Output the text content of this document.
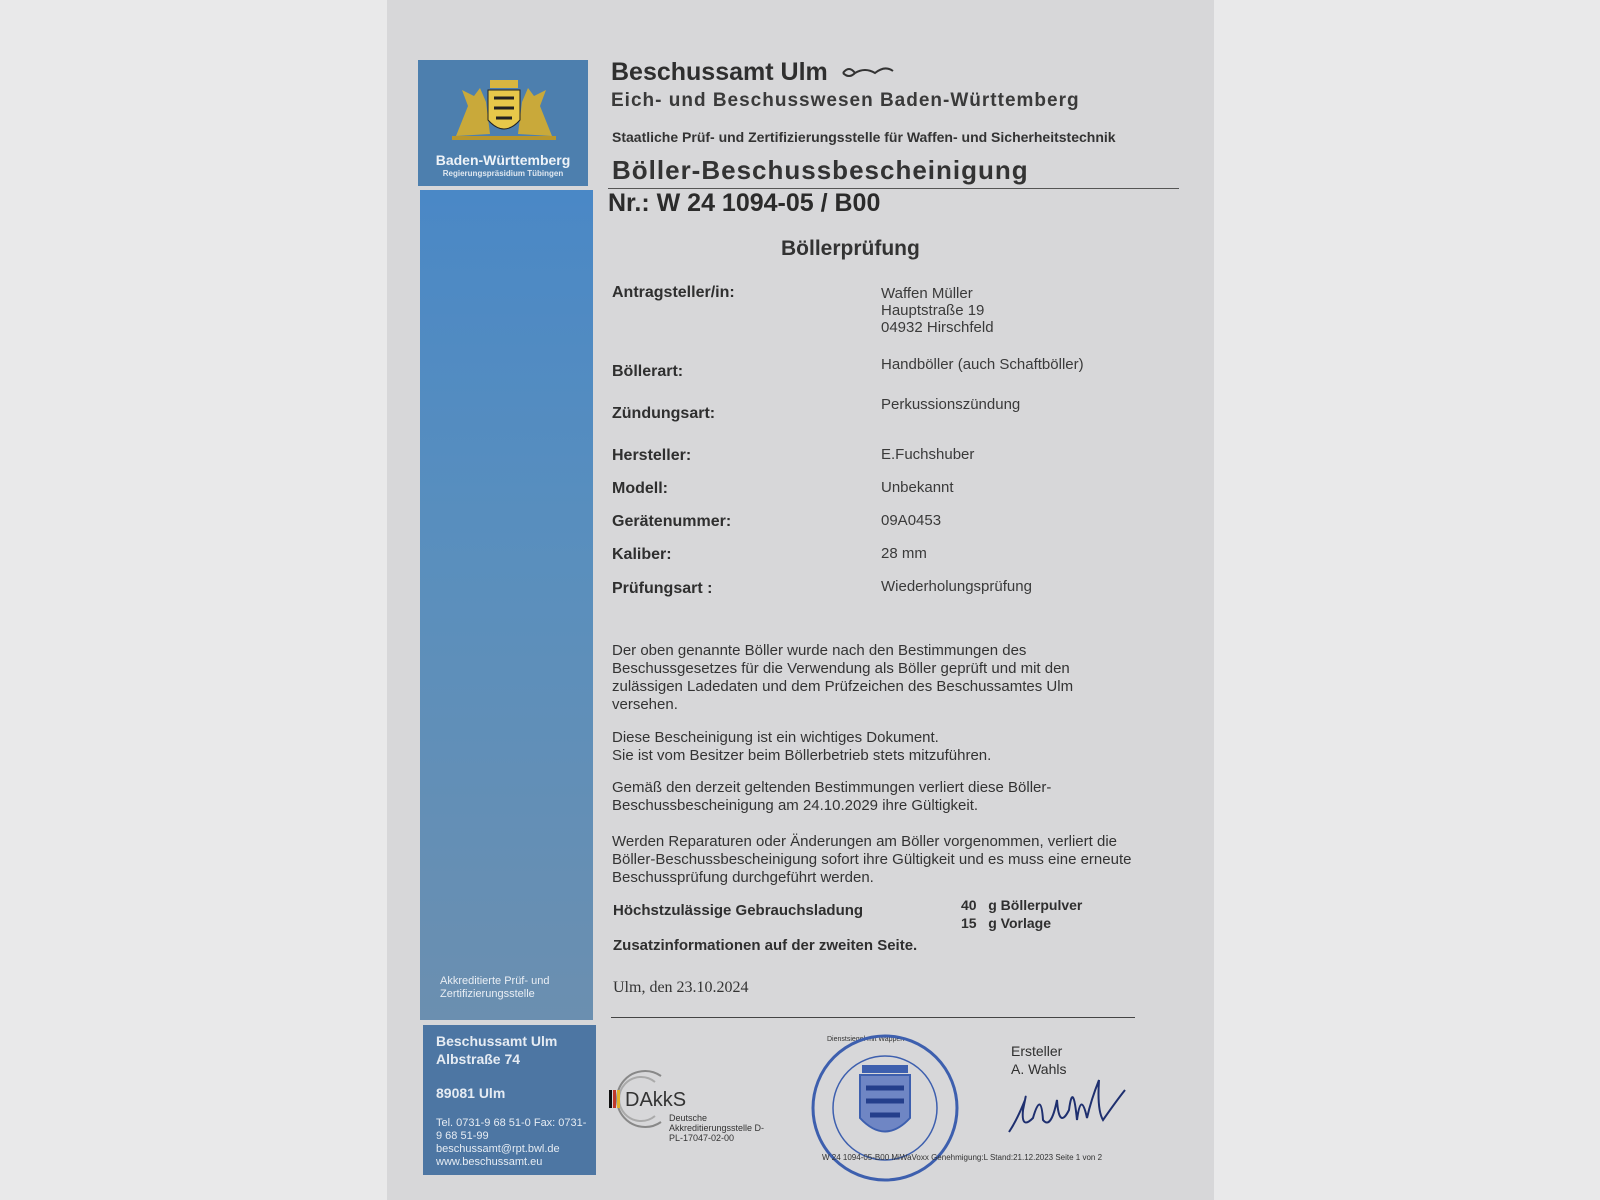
Baden-Württemberg
Regierungspräsidium Tübingen
Akkreditierte Prüf- und Zertifizierungsstelle
Beschussamt Ulm
Albstraße 74
89081 Ulm
Tel. 0731-9 68 51-0 Fax: 0731-9 68 51-99 beschussamt@rpt.bwl.de www.beschussamt.eu
Beschussamt Ulm
Eich- und Beschusswesen Baden-Württemberg
Staatliche Prüf- und Zertifizierungsstelle für Waffen- und Sicherheitstechnik
Böller-Beschussbescheinigung
Nr.: W 24 1094-05 / B00
Böllerprüfung
Antragsteller/in:	Waffen Müller
Hauptstraße 19
04932 Hirschfeld
Böllerart:	Handböller (auch Schaftböller)
Zündungsart:
Perkussionszündung
Hersteller:	E.Fuchshuber
Modell:	Unbekannt
Gerätenummer:	09A0453
Kaliber:	28 mm
Prüfungsart :	Wiederholungsprüfung
Der oben genannte Böller wurde nach den Bestimmungen des Beschussgesetzes für die Verwendung als Böller geprüft und mit den zulässigen Ladedaten und dem Prüfzeichen des Beschussamtes Ulm versehen.
Diese Bescheinigung ist ein wichtiges Dokument.
Sie ist vom Besitzer beim Böllerbetrieb stets mitzuführen.
Gemäß den derzeit geltenden Bestimmungen verliert diese Böller-Beschussbescheinigung am 24.10.2029 ihre Gültigkeit.
Werden Reparaturen oder Änderungen am Böller vorgenommen, verliert die Böller-Beschussbescheinigung sofort ihre Gültigkeit und es muss eine erneute Beschussprüfung durchgeführt werden.
Höchstzulässige Gebrauchsladung	40   g Böllerpulver
15   g Vorlage
Zusatzinformationen auf der zweiten Seite.
Ulm, den 23.10.2024
DAkkS
Deutsche Akkreditierungsstelle D-PL-17047-02-00
Dienstsiegel mit Wappen
Ersteller
A. Wahls
W 24 1094-05-B00 MiWaVoxx Genehmigung:L Stand:21.12.2023 Seite 1 von 2
